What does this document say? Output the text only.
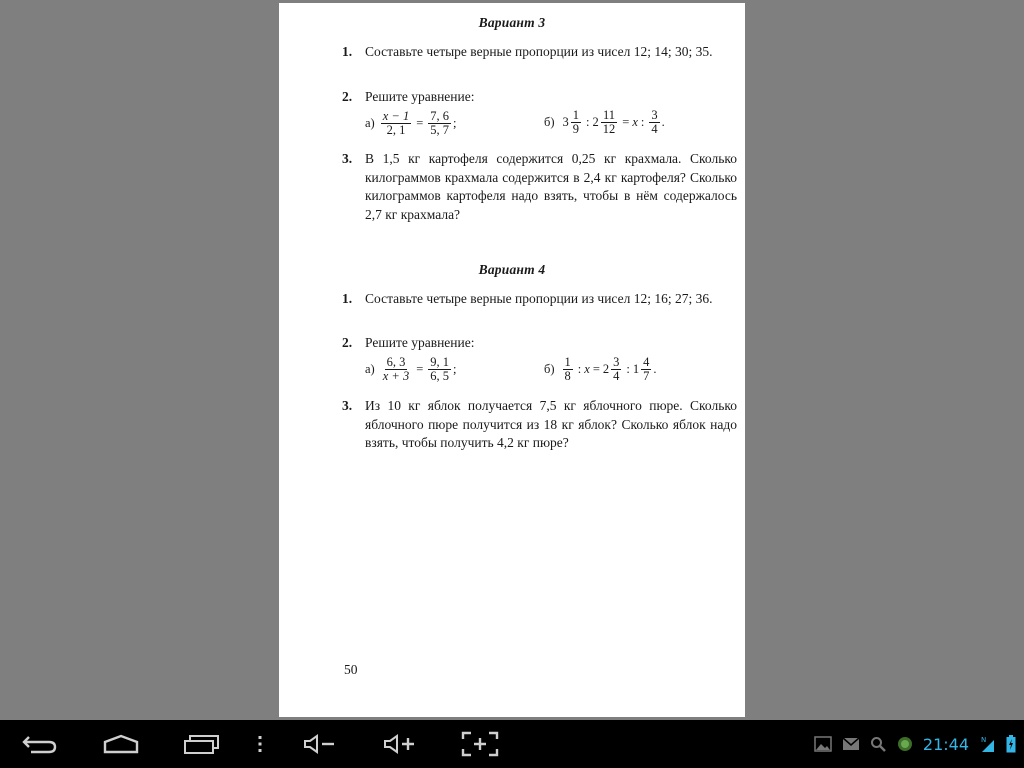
Вариант 3
1. Составьте четыре верные пропорции из чисел 12; 14; 30; 35.
2. Решите уравнение:
$а) \frac{x - 1}{2, 1} = \frac{7, 6}{5, 7}$ ;	б) $3 \frac{1}{9}$ : $2 \frac{11}{12} = x$ : $\frac{3}{4}$ .
3. В 1,5 кг картофеля содержится 0,25 кг крахмала. Сколько килограммов крахмала содержится в 2,4 кг картофеля? Сколько килограммов картофеля надо взять, чтобы в нём содержалось 2,7 кг крахмала?
Вариант 4
1. Составьте четыре верные пропорции из чисел 12; 16; 27; 36.
2. Решите уравнение:
$а) \frac{6, 3}{x + 3} = \frac{9, 1}{6, 5}$ ;	$б) \frac{1}{8}$ : $x = 2 \frac{3}{4}$ : $1 \frac{4}{7}$ .
3. Из 10 кг яблок получается 7,5 кг яблочного пюре. Сколько яблочного пюре получится из 18 кг яблок? Сколько яблок надо взять, чтобы получить 4,2 кг пюре?
50
21:44 N
